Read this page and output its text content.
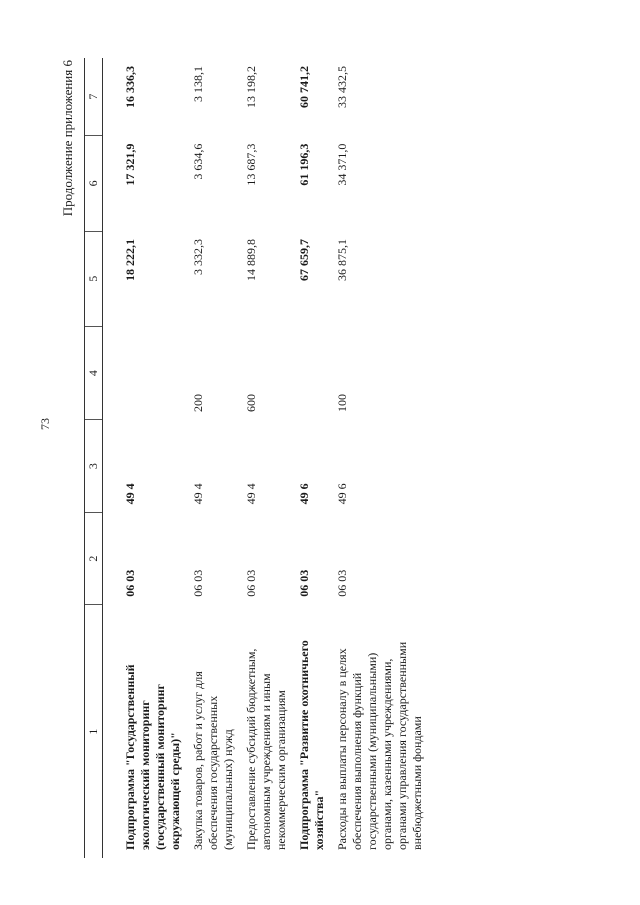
73
Продолжение приложения 6
1	2	3	4	5	6	7
Подпрограмма "Государственный экологический мониторинг (государственный мониторинг окружающей среды)"	06 03	49 4		18 222,1	17 321,9	16 336,3
Закупка товаров, работ и услуг для обеспечения государственных (муниципальных) нужд	06 03	49 4	200	3 332,3	3 634,6	3 138,1
Предоставление субсидий бюджетным, автономным учреждениям и иным некоммерческим организациям	06 03	49 4	600	14 889,8	13 687,3	13 198,2
Подпрограмма "Развитие охотничьего хозяйства"	06 03	49 6		67 659,7	61 196,3	60 741,2
Расходы на выплаты персоналу в целях обеспечения выполнения функций государственными (муниципальными) органами, казенными учреждениями, органами управления государственными внебюджетными фондами	06 03	49 6	100	36 875,1	34 371,0	33 432,5
